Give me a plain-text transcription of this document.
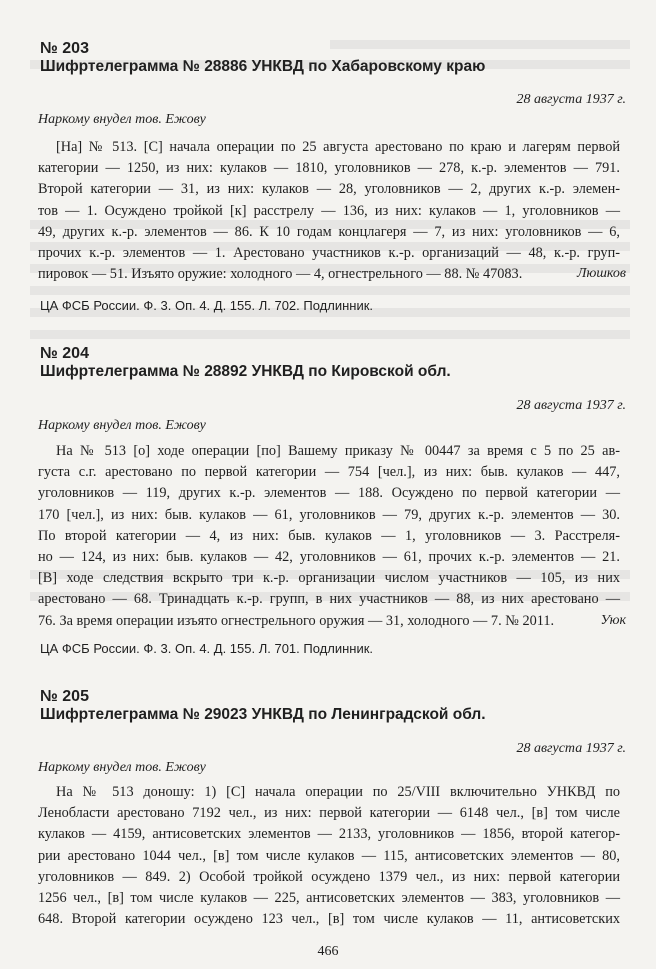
№ 203
Шифртелеграмма № 28886 УНКВД по Хабаровскому краю
28 августа 1937 г.
Наркому внудел тов. Ежову
[На] № 513. [С] начала операции по 25 августа арестовано по краю и лагерям первой
категории — 1250, из них: кулаков — 1810, уголовников — 278, к.-р. элементов — 791.
Второй категории — 31, из них: кулаков — 28, уголовников — 2, других к.-р. элемен-
тов — 1. Осуждено тройкой [к] расстрелу — 136, из них: кулаков — 1, уголовников —
49, других к.-р. элементов — 86. К 10 годам концлагеря — 7, из них: уголовников — 6,
прочих к.-р. элементов — 1. Арестовано участников к.-р. организаций — 48, к.-р. груп-
пировок — 51. Изъято оружие: холодного — 4, огнестрельного — 88. № 47083.	Люшков
ЦА ФСБ России. Ф. 3. Оп. 4. Д. 155. Л. 702. Подлинник.
№ 204
Шифртелеграмма № 28892 УНКВД по Кировской обл.
28 августа 1937 г.
Наркому внудел тов. Ежову
На № 513 [о] ходе операции [по] Вашему приказу № 00447 за время с 5 по 25 ав-
густа с.г. арестовано по первой категории — 754 [чел.], из них: быв. кулаков — 447,
уголовников — 119, других к.-р. элементов — 188. Осуждено по первой категории —
170 [чел.], из них: быв. кулаков — 61, уголовников — 79, других к.-р. элементов — 30.
По второй категории — 4, из них: быв. кулаков — 1, уголовников — 3. Расстреля-
но — 124, из них: быв. кулаков — 42, уголовников — 61, прочих к.-р. элементов — 21.
[В] ходе следствия вскрыто три к.-р. организации числом участников — 105, из них
арестовано — 68. Тринадцать к.-р. групп, в них участников — 88, из них арестовано —
76. За время операции изъято огнестрельного оружия — 31, холодного — 7. № 2011.	Уюк
ЦА ФСБ России. Ф. 3. Оп. 4. Д. 155. Л. 701. Подлинник.
№ 205
Шифртелеграмма № 29023 УНКВД по Ленинградской обл.
28 августа 1937 г.
Наркому внудел тов. Ежову
На № 513 доношу: 1) [С] начала операции по 25/VIII включительно УНКВД по
Ленобласти арестовано 7192 чел., из них: первой категории — 6148 чел., [в] том числе
кулаков — 4159, антисоветских элементов — 2133, уголовников — 1856, второй категор-
рии арестовано 1044 чел., [в] том числе кулаков — 115, антисоветских элементов — 80,
уголовников — 849. 2) Особой тройкой осуждено 1379 чел., из них: первой категории
1256 чел., [в] том числе кулаков — 225, антисоветских элементов — 383, уголовников —
648. Второй категории осуждено 123 чел., [в] том числе кулаков — 11, антисоветских
466
